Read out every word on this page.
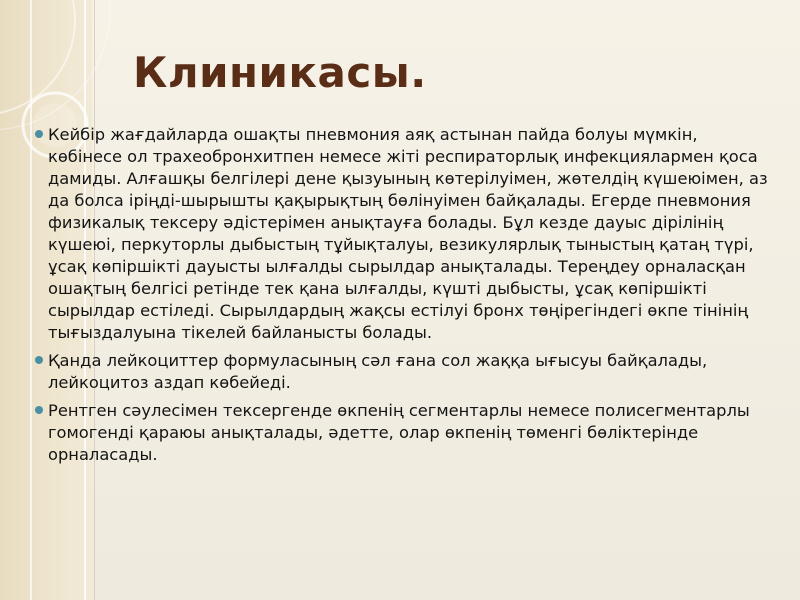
Клиникасы.
Кейбір жағдайларда ошақты пневмония аяқ астынан пайда болуы мүмкін, көбінесе ол трахеобронхитпен немесе жіті респираторлық инфекциялармен қоса дамиды. Алғашқы белгілері дене қызуының көтерілуімен, жөтелдің күшеюімен, аз да болса іріңді-шырышты қақырықтың бөлінуімен байқалады. Егерде пневмония физикалық тексеру әдістерімен анықтауға болады. Бұл кезде дауыс дірілінің күшеюі, перкуторлы дыбыстың тұйықталуы, везикулярлық тыныстың қатаң түрі, ұсақ көпіршікті дауысты ылғалды сырылдар анықталады. Тереңдеу орналасқан ошақтың белгісі ретінде тек қана ылғалды, күшті дыбысты, ұсақ көпіршікті сырылдар естіледі. Сырылдардың жақсы естілуі бронх төңірегіндегі өкпе тінінің тығыздалуына тікелей байланысты болады.
Қанда лейкоциттер формуласының сәл ғана сол жаққа ығысуы байқалады, лейкоцитоз аздап көбейеді.
Рентген сәулесімен тексергенде өкпенің сегментарлы немесе полисегментарлы гомогенді қараюы анықталады, әдетте, олар өкпенің төменгі бөліктерінде орналасады.
